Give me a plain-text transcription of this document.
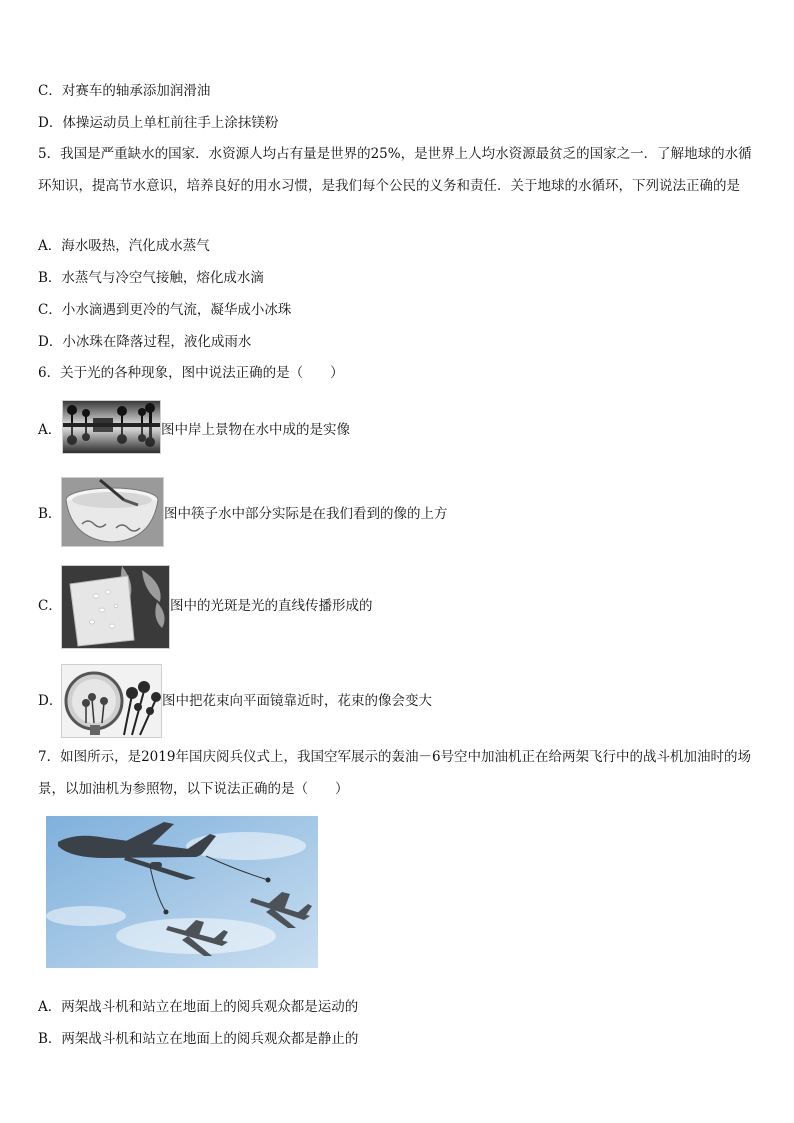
C．对赛车的轴承添加润滑油
D．体操运动员上单杠前往手上涂抹镁粉
5．我国是严重缺水的国家．水资源人均占有量是世界的25%，是世界上人均水资源最贫乏的国家之一．了解地球的水循环知识，提高节水意识，培养良好的用水习惯，是我们每个公民的义务和责任．关于地球的水循环，下列说法正确的是
A．海水吸热，汽化成水蒸气
B．水蒸气与冷空气接触，熔化成水滴
C．小水滴遇到更冷的气流，凝华成小冰珠
D．小冰珠在降落过程，液化成雨水
6．关于光的各种现象，图中说法正确的是（　　）
A．	图中岸上景物在水中成的是实像
B．	图中筷子水中部分实际是在我们看到的像的上方
C．	图中的光斑是光的直线传播形成的
D．	图中把花束向平面镜靠近时，花束的像会变大
7．如图所示，是2019年国庆阅兵仪式上，我国空军展示的轰油－6号空中加油机正在给两架飞行中的战斗机加油时的场景，以加油机为参照物，以下说法正确的是（　　）
A．两架战斗机和站立在地面上的阅兵观众都是运动的
B．两架战斗机和站立在地面上的阅兵观众都是静止的
